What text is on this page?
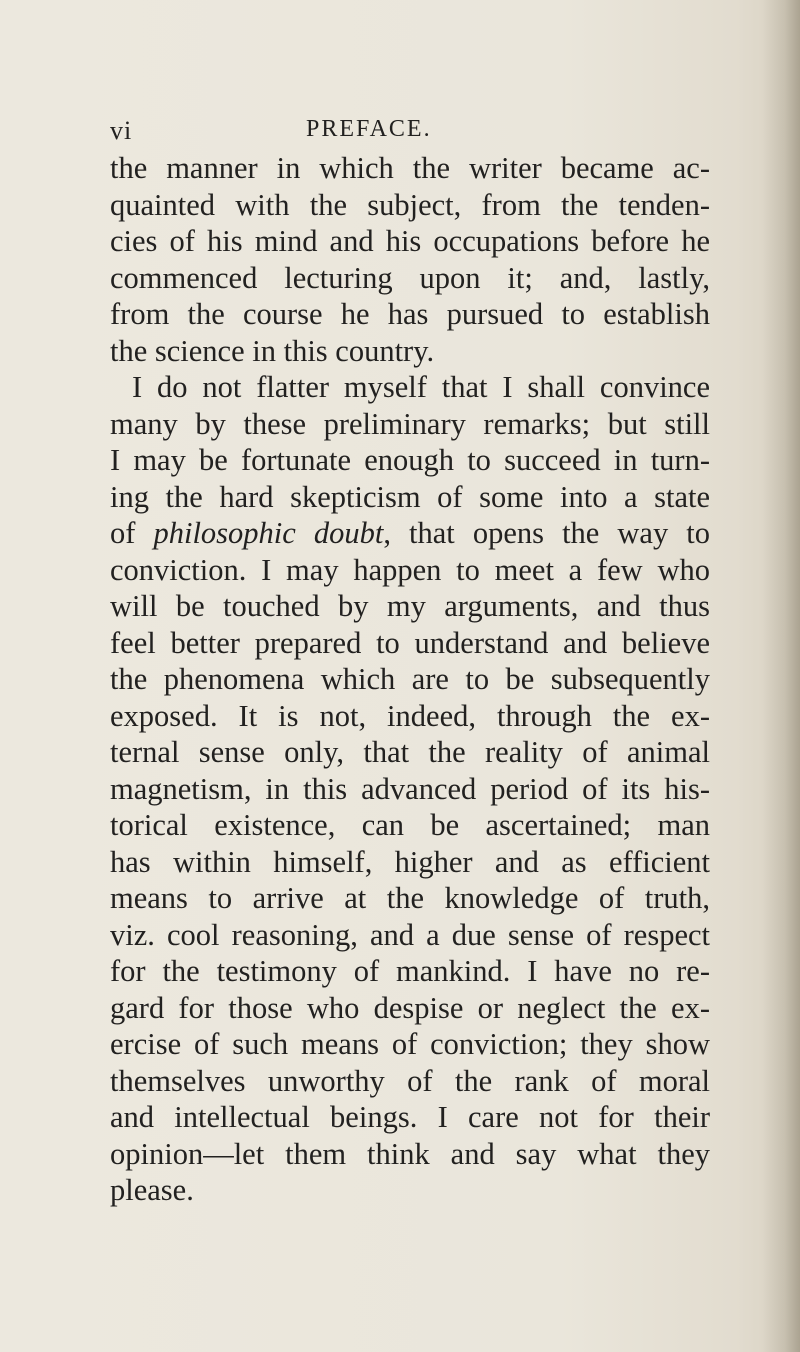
vi	PREFACE.
the manner in which the writer became ac-
quainted with the subject, from the tenden-
cies of his mind and his occupations before he
commenced lecturing upon it; and, lastly,
from the course he has pursued to establish
the science in this country.
I do not flatter myself that I shall convince
many by these preliminary remarks; but still
I may be fortunate enough to succeed in turn-
ing the hard skepticism of some into a state
of philosophic doubt, that opens the way to
conviction. I may happen to meet a few who
will be touched by my arguments, and thus
feel better prepared to understand and believe
the phenomena which are to be subsequently
exposed. It is not, indeed, through the ex-
ternal sense only, that the reality of animal
magnetism, in this advanced period of its his-
torical existence, can be ascertained; man
has within himself, higher and as efficient
means to arrive at the knowledge of truth,
viz. cool reasoning, and a due sense of respect
for the testimony of mankind. I have no re-
gard for those who despise or neglect the ex-
ercise of such means of conviction; they show
themselves unworthy of the rank of moral
and intellectual beings. I care not for their
opinion—let them think and say what they
please.
